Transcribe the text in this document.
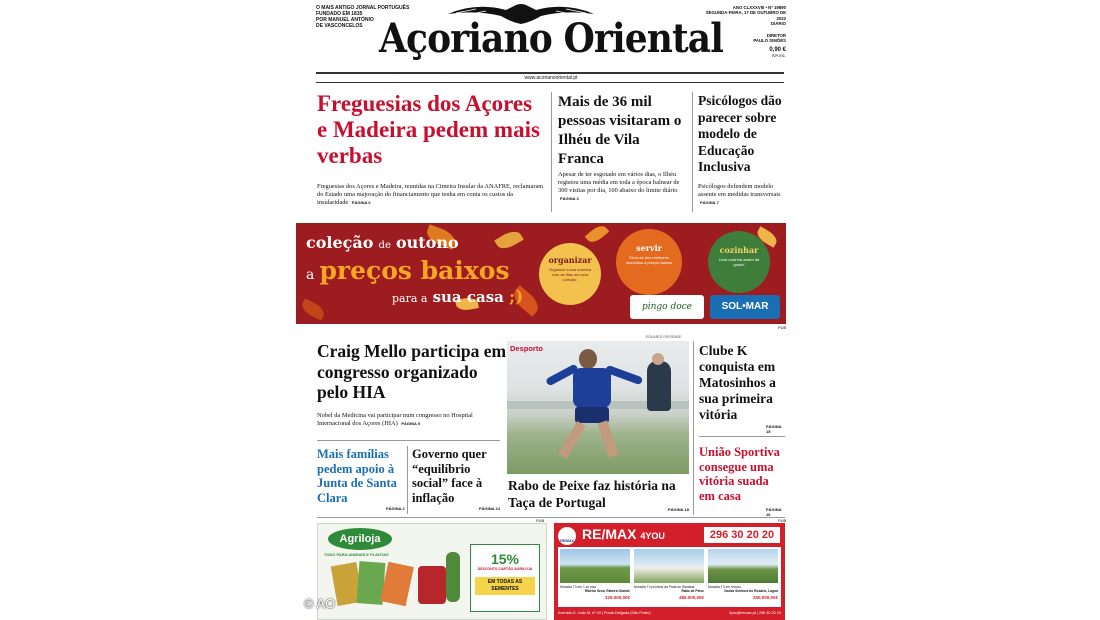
O MAIS ANTIGO JORNAL PORTUGUÊS
FUNDADO EM 1835
POR MANUEL ANTÓNIO
DE VASCONCELOS Açoriano Oriental
ANO CLXXXVIII • Nº 19890
SEGUNDA-FEIRA, 17 DE OUTUBRO DE 2022
DIÁRIO
DIRETOR
PAULO SIMÕES
0,90 €
IVA inc.
www.acorianooriental.pt
Freguesias dos Açores e Madeira pedem mais verbas
Freguesias dos Açores e Madeira, reunidas na Cimeira Insular da ANAFRE, reclamaram do Estado uma majoração do financiamento que tenha em conta os custos da insularidade PÁGINA 6
Mais de 36 mil pessoas visitaram o Ilhéu de Vila Franca
Apesar de ter esgotado em vários dias, o Ilhéu registou uma média em toda a época balnear de 300 visitas por dia, 100 abaixo do limite diário PÁGINA 3
Psicólogos dão parecer sobre modelo de Educação Inclusiva
Psicólogos defendem modelo assente em medidas transversais PÁGINA 7
coleção de outono
a preços baixos
para a sua casa ;)
organizar
Organize a sua cozinha com as fitas da nova coleção.
servir
Sirva-se dos melhores utensílios a preços baixos
cozinhar
Uma cozinha assim dá gosto!
pingo doce	SOL•MAR
PUB
Craig Mello participa em congresso organizado pelo HIA
Nobel da Medicina vai participar num congresso no Hospital Internacional dos Açores (HIA) PÁGINA 5
Mais famílias pedem apoio à Junta de Santa Clara
PÁGINA 2
Governo quer “equilíbrio social” face à inflação
PÁGINA 24
EDUARDO RESENDE
Desporto
Rabo de Peixe faz história na Taça de Portugal	PÁGINA 18
Clube K conquista em Matosinhos a sua primeira vitória
PÁGINA 15
União Sportiva consegue uma vitória suada em casa
PÁGINA 16
PUB
Agriloja
TUDO PARA ANIMAIS E PLANTAS	15%
DESCONTO CARTÃO AGRILOJA
EM TODAS AS SEMENTES
PUB
RE/MAX RE/MAX 4YOU	296 30 20 20
Moradia T3 em 1 só piso
Ribeira Seca, Ribeira Grande
325.000,00€
Moradia T4 próxima da Praia de Santana
Rabo de Peixe
485.000,00€
Moradia T3 em reboco
Nossa Senhora do Rosário, Lagoa
250.000,00€
Avenida D. João III, nº 43 | Ponta Delgada (São Pedro)	4you@remax.pt | 296 30 20 20
© AO
